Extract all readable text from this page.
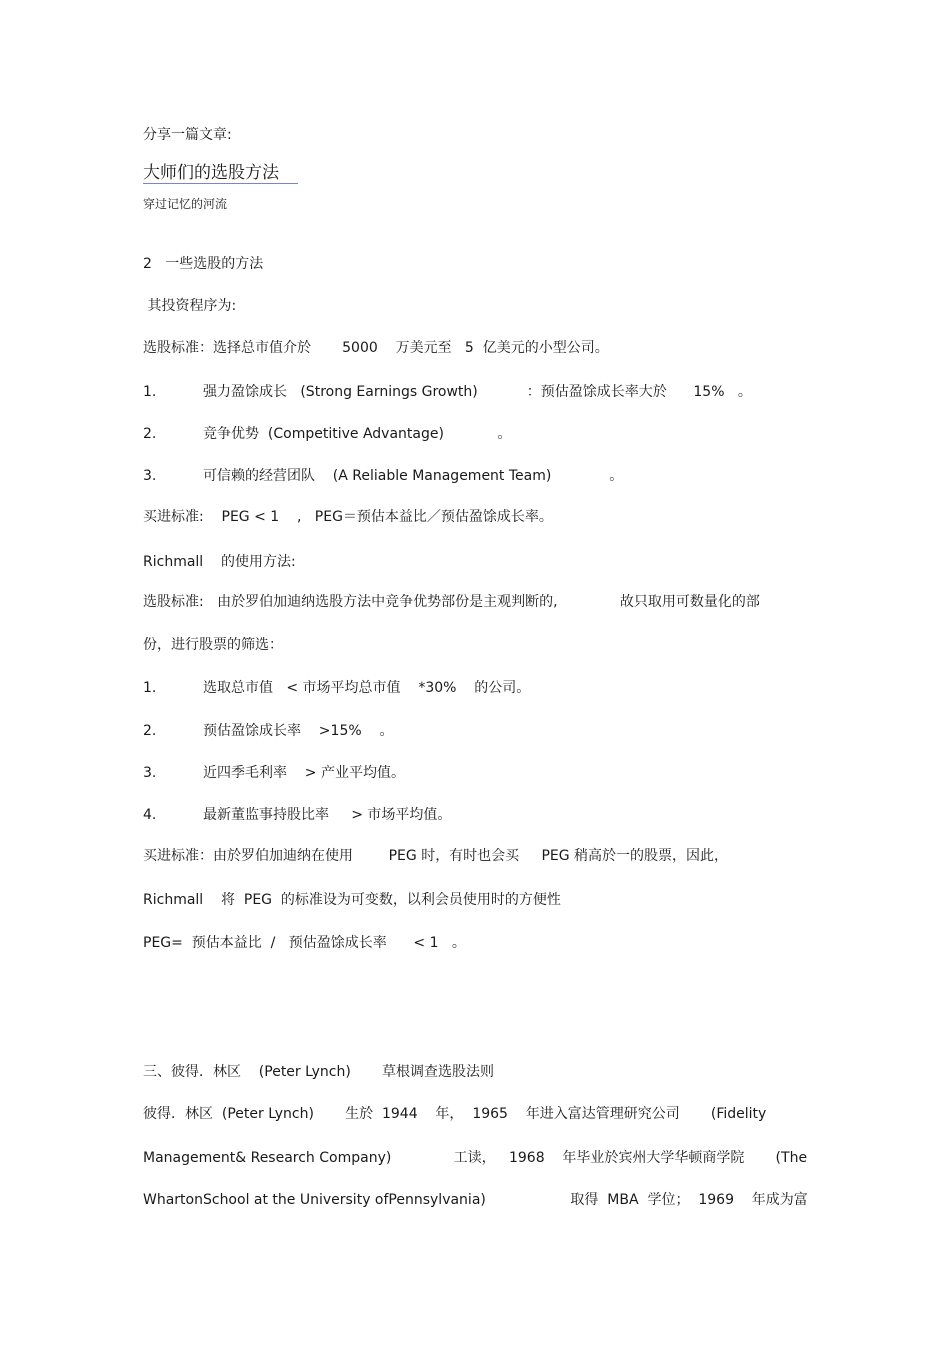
分享一篇文章:
大师们的选股方法
穿过记忆的河流
2   一些选股的方法
其投资程序为:
选股标准：选择总市值介於       5000    万美元至   5  亿美元的小型公司。
1.	强力盈馀成长   (Strong Earnings Growth)           ：预估盈馀成长率大於      15%   。
2.	竞争优势  (Competitive Advantage)            。
3.	可信赖的经营团队    (A Reliable Management Team)             。
买进标准:    PEG < 1    ,   PEG＝预估本益比／预估盈馀成长率。
Richmall    的使用方法:
选股标准:   由於罗伯加迪纳选股方法中竞争优势部份是主观判断的,              故只取用可数量化的部
份，进行股票的筛选：
1.	选取总市值   < 市场平均总市值    *30%    的公司。
2.	预估盈馀成长率    >15%    。
3.	近四季毛利率    > 产业平均值。
4.	最新董监事持股比率     > 市场平均值。
买进标准：由於罗伯加迪纳在使用        PEG 时，有时也会买     PEG 稍高於一的股票，因此，
Richmall    将  PEG  的标准设为可变数，以利会员使用时的方便性
PEG=  预估本益比  /   预估盈馀成长率      < 1   。
三、彼得．林区    (Peter Lynch)       草根调查选股法则
彼得．林区  (Peter Lynch)       生於  1944    年，  1965    年进入富达管理研究公司       (Fidelity
Management& Research Company)              工读，   1968    年毕业於宾州大学华顿商学院       (The
WhartonSchool at the University ofPennsylvania)                   取得  MBA  学位；  1969    年成为富
